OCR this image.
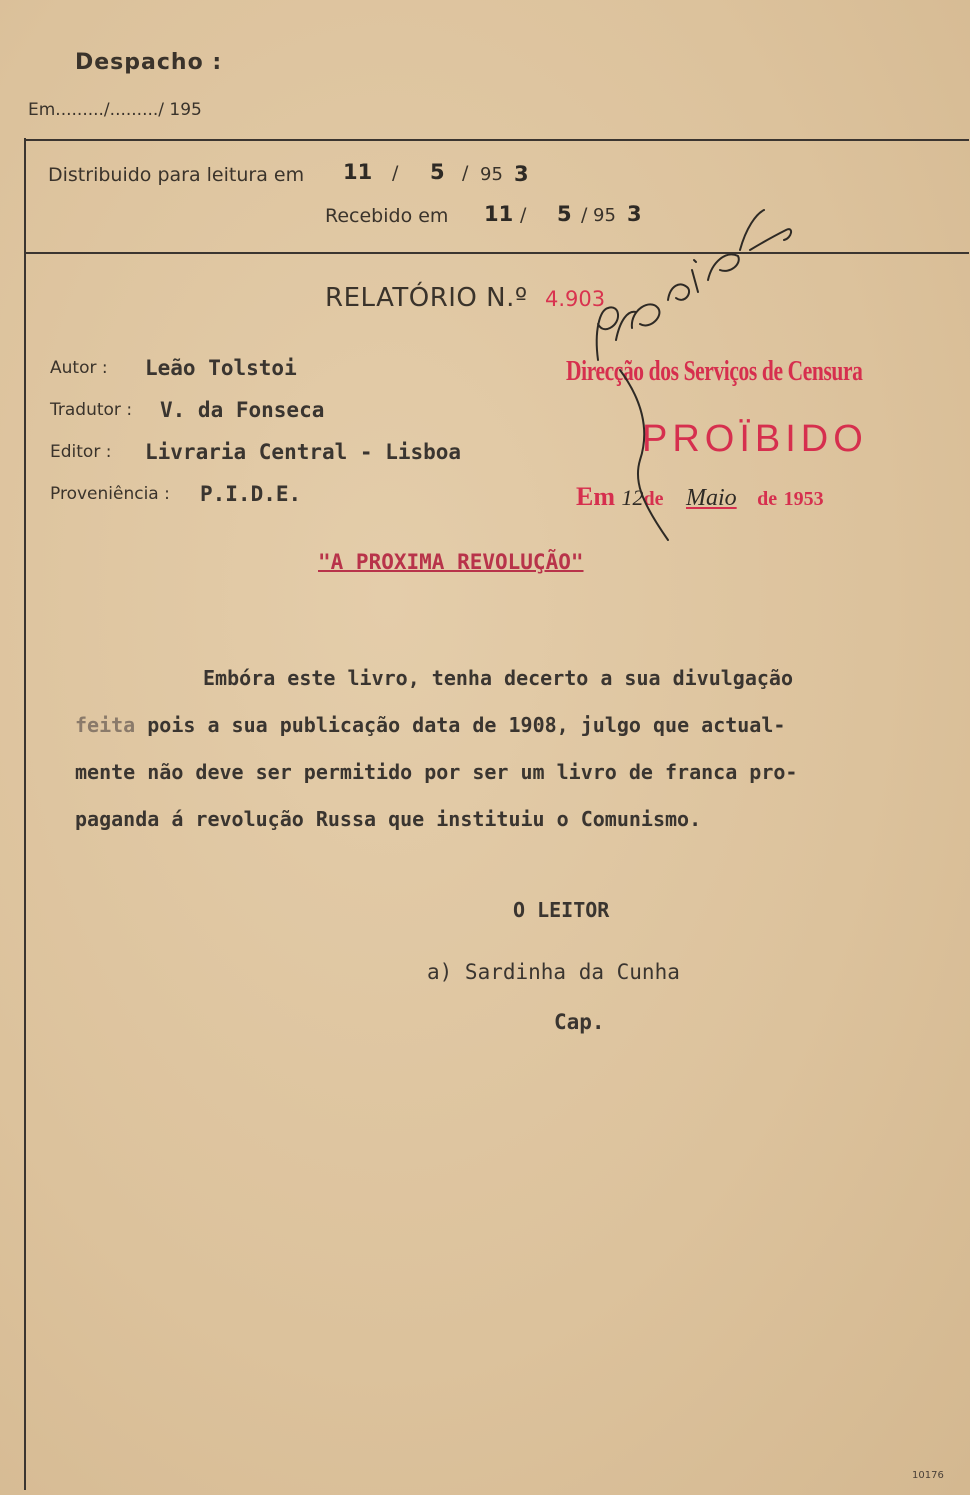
Despacho :
Em........./........./ 195
Distribuido para leitura em 11 / 5 / 95 3
Recebido em 11 / 5 / 95 3
RELATÓRIO N.º 4.903
Autor : Leão Tolstoi
Tradutor : V. da Fonseca
Editor : Livraria Central - Lisboa
Proveniência : P.I.D.E.
"A PROXIMA REVOLUÇÃO"
Embóra este livro, tenha decerto a sua divulgação
feita pois a sua publicação data de 1908, julgo que actual-
mente não deve ser permitido por ser um livro de franca pro-
paganda á revolução Russa que instituiu o Comunismo.
O LEITOR
a) Sardinha da Cunha
Cap.
Direcção dos Serviços de Censura
PROÏBIDO
Em 12de Maio de 1953
10176
